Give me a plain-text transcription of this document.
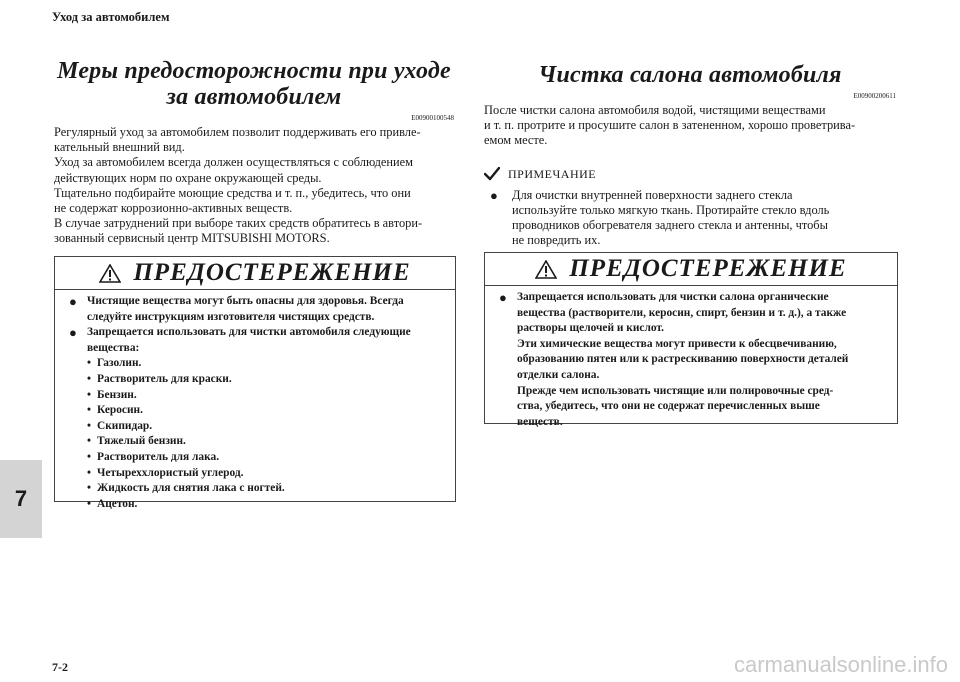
Уход за автомобилем
7
Меры предосторожности при уходе
за автомобилем
E00900100548

Регулярный уход за автомобилем позволит поддерживать его привле-

кательный внешний вид.

Уход за автомобилем всегда должен осуществляться с соблюдением

действующих норм по охране окружающей среды.

Тщательно подбирайте моющие средства и т. п., убедитесь, что они

не содержат коррозионно-активных веществ.

В случае затруднений при выборе таких средств обратитесь в автори-

зованный сервисный центр MITSUBISHI MOTORS.

ПРЕДОСТЕРЕЖЕНИЕ
● Чистящие вещества могут быть опасны для здоровья. Всегда
следуйте инструкциям изготовителя чистящих средств.
● Запрещается использовать для чистки автомобиля следующие
вещества:
• Газолин.
• Растворитель для краски.
• Бензин.
• Керосин.
• Скипидар.
• Тяжелый бензин.
• Растворитель для лака.
• Четыреххлористый углерод.
• Жидкость для снятия лака с ногтей.
• Ацетон.
Чистка салона автомобиля
E00900200611

После чистки салона автомобиля водой, чистящими веществами

и т. п. протрите и просушите салон в затененном, хорошо проветрива-

емом месте.

ПРИМЕЧАНИЕ
●	Для очистки внутренней поверхности заднего стекла
используйте только мягкую ткань. Протирайте стекло вдоль
проводников обогревателя заднего стекла и антенны, чтобы
не повредить их.
ПРЕДОСТЕРЕЖЕНИЕ
● Запрещается использовать для чистки салона органические
вещества (растворители, керосин, спирт, бензин и т. д.), а также
растворы щелочей и кислот.
Эти химические вещества могут привести к обесцвечиванию,
образованию пятен или к растрескиванию поверхности деталей
отделки салона.
Прежде чем использовать чистящие или полировочные сред-
ства, убедитесь, что они не содержат перечисленных выше
веществ.
7-2	carmanualsonline.info
